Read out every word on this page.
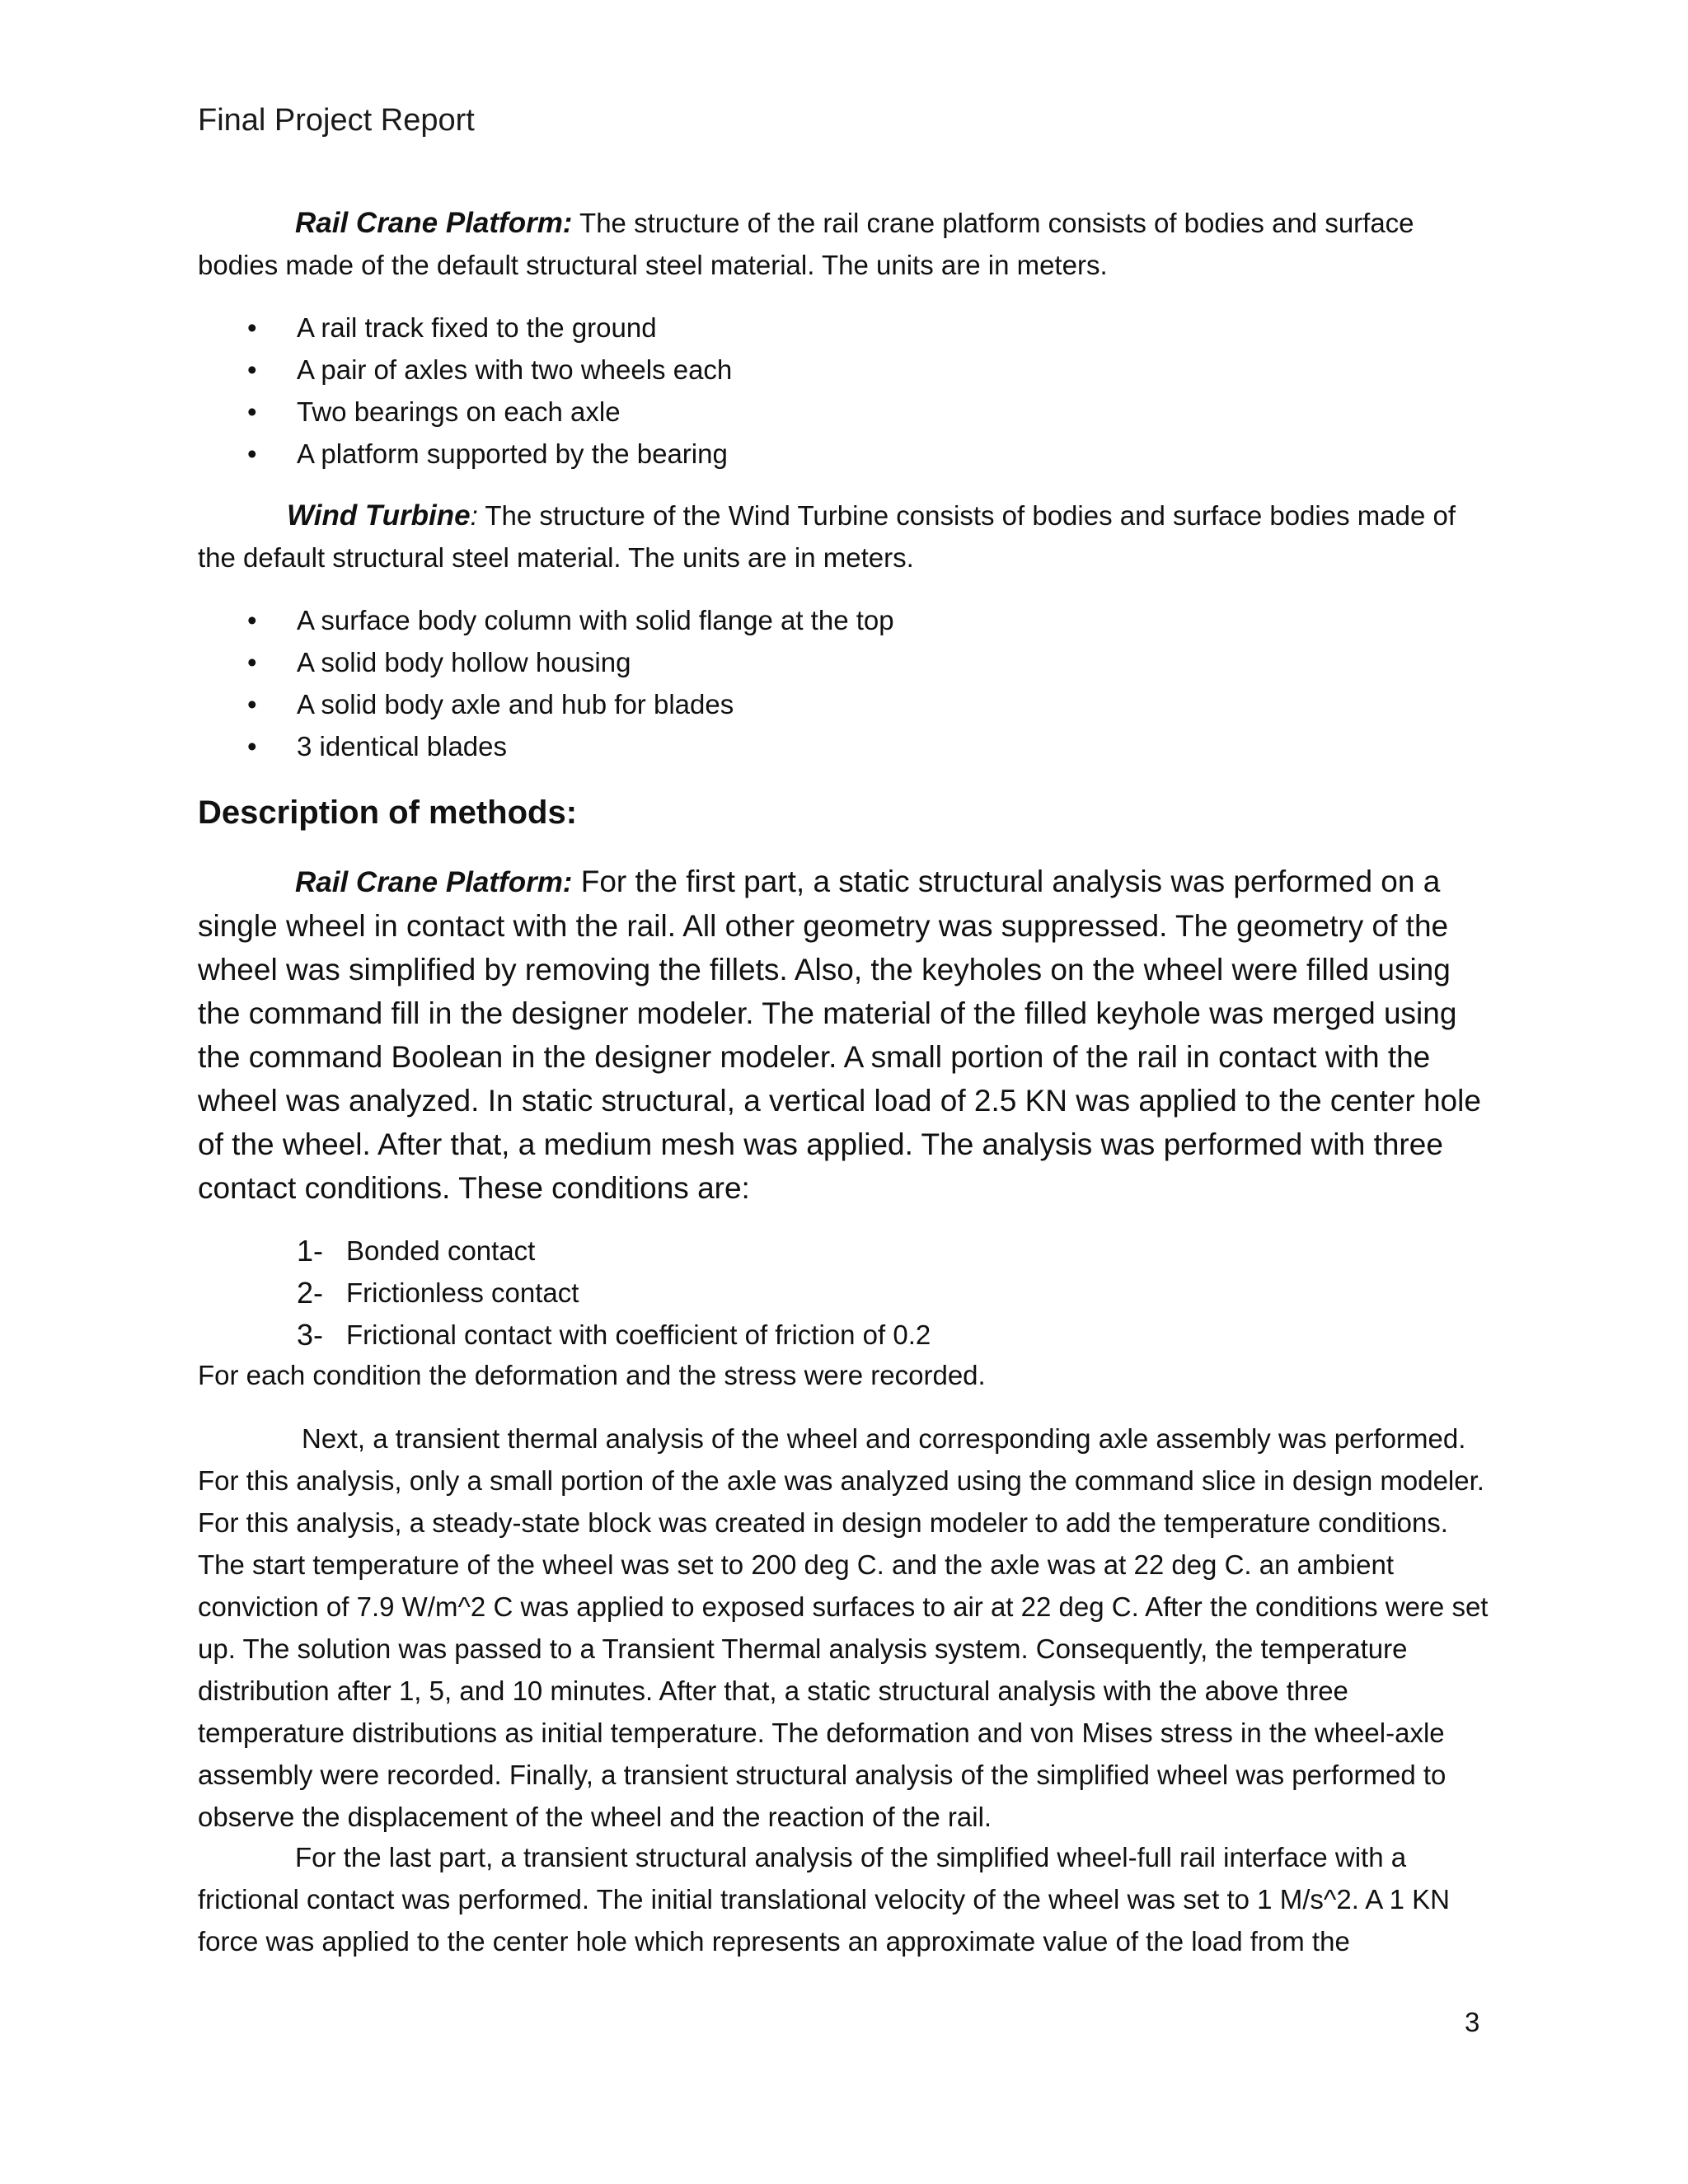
Final Project Report
Rail Crane Platform: The structure of the rail crane platform consists of bodies and surface bodies made of the default structural steel material. The units are in meters.
• A rail track fixed to the ground
• A pair of axles with two wheels each
• Two bearings on each axle
• A platform supported by the bearing
Wind Turbine: The structure of the Wind Turbine consists of bodies and surface bodies made of the default structural steel material. The units are in meters.
• A surface body column with solid flange at the top
• A solid body hollow housing
• A solid body axle and hub for blades
• 3 identical blades
Description of methods:
Rail Crane Platform: For the first part, a static structural analysis was performed on a single wheel in contact with the rail. All other geometry was suppressed. The geometry of the wheel was simplified by removing the fillets. Also, the keyholes on the wheel were filled using the command fill in the designer modeler. The material of the filled keyhole was merged using the command Boolean in the designer modeler. A small portion of the rail in contact with the wheel was analyzed. In static structural, a vertical load of 2.5 KN was applied to the center hole of the wheel. After that, a medium mesh was applied. The analysis was performed with three contact conditions. These conditions are:
1- Bonded contact
2- Frictionless contact
3- Frictional contact with coefficient of friction of 0.2
For each condition the deformation and the stress were recorded.
Next, a transient thermal analysis of the wheel and corresponding axle assembly was performed. For this analysis, only a small portion of the axle was analyzed using the command slice in design modeler. For this analysis, a steady-state block was created in design modeler to add the temperature conditions. The start temperature of the wheel was set to 200 deg C. and the axle was at 22 deg C. an ambient conviction of 7.9 W/m^2 C was applied to exposed surfaces to air at 22 deg C. After the conditions were set up. The solution was passed to a Transient Thermal analysis system. Consequently, the temperature distribution after 1, 5, and 10 minutes. After that, a static structural analysis with the above three temperature distributions as initial temperature. The deformation and von Mises stress in the wheel-axle assembly were recorded. Finally, a transient structural analysis of the simplified wheel was performed to observe the displacement of the wheel and the reaction of the rail.
For the last part, a transient structural analysis of the simplified wheel-full rail interface with a frictional contact was performed. The initial translational velocity of the wheel was set to 1 M/s^2. A 1 KN force was applied to the center hole which represents an approximate value of the load from the
3
